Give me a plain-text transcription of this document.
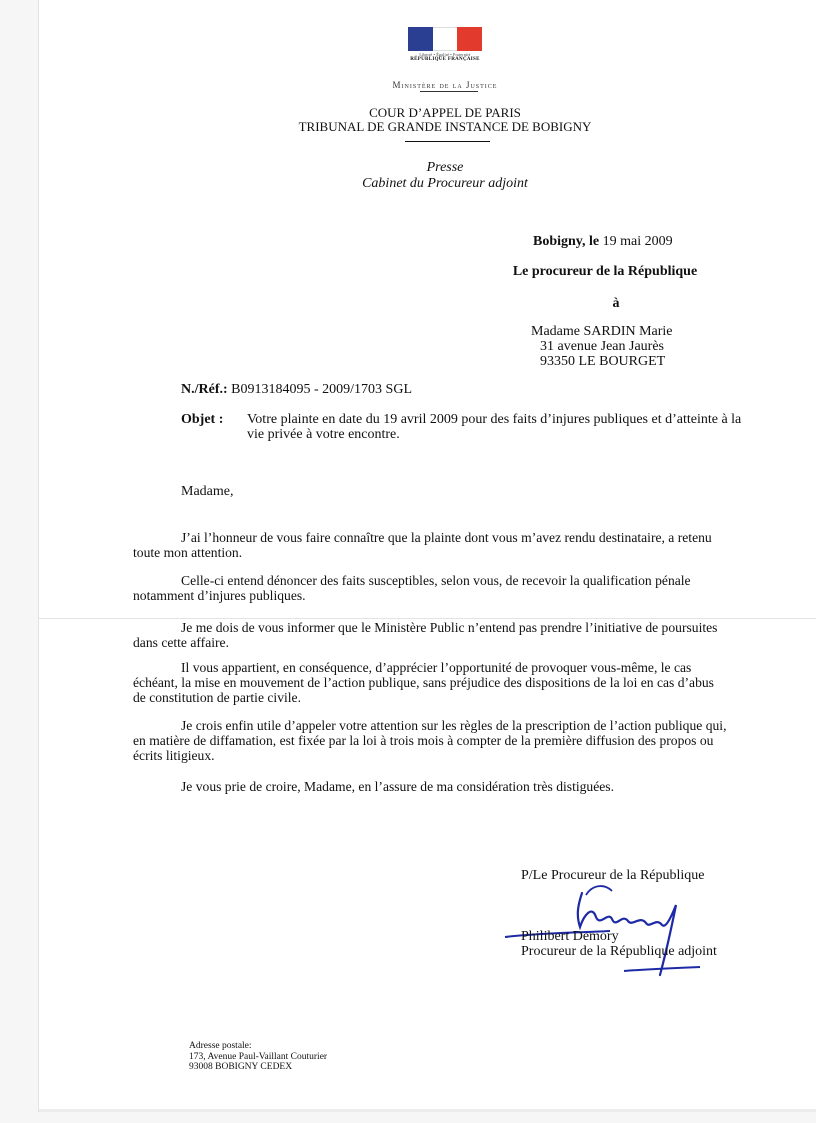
Liberté • Égalité • Fraternité
RÉPUBLIQUE FRANÇAISE
Ministère de la Justice
COUR D’APPEL DE PARIS
TRIBUNAL DE GRANDE INSTANCE DE BOBIGNY
Presse
Cabinet du Procureur adjoint
Bobigny, le 19 mai 2009
Le procureur de la République
à
Madame SARDIN Marie
31 avenue Jean Jaurès
93350 LE BOURGET
N./Réf.: B0913184095 - 2009/1703 SGL
Objet : Votre plainte en date du 19 avril 2009 pour des faits d’injures publiques et d’atteinte à la
vie privée à votre encontre.
Madame,
J’ai l’honneur de vous faire connaître que la plainte dont vous m’avez rendu destinataire, a retenu
toute mon attention.
Celle-ci entend dénoncer des faits susceptibles, selon vous, de recevoir la qualification pénale
notamment d’injures publiques.
Je me dois de vous informer que le Ministère Public n’entend pas prendre l’initiative de poursuites
dans cette affaire.
Il vous appartient, en conséquence, d’apprécier l’opportunité de provoquer vous-même, le cas
échéant, la mise en mouvement de l’action publique, sans préjudice des dispositions de la loi en cas d’abus
de constitution de partie civile.
Je crois enfin utile d’appeler votre attention sur les règles de la prescription de l’action publique qui,
en matière de diffamation, est fixée par la loi à trois mois à compter de la première diffusion des propos ou
écrits litigieux.
Je vous prie de croire, Madame, en l’assure de ma considération très distiguées.
P/Le Procureur de la République
Philibert Demory
Procureur de la République adjoint
Adresse postale:
173, Avenue Paul-Vaillant Couturier
93008 BOBIGNY CEDEX
